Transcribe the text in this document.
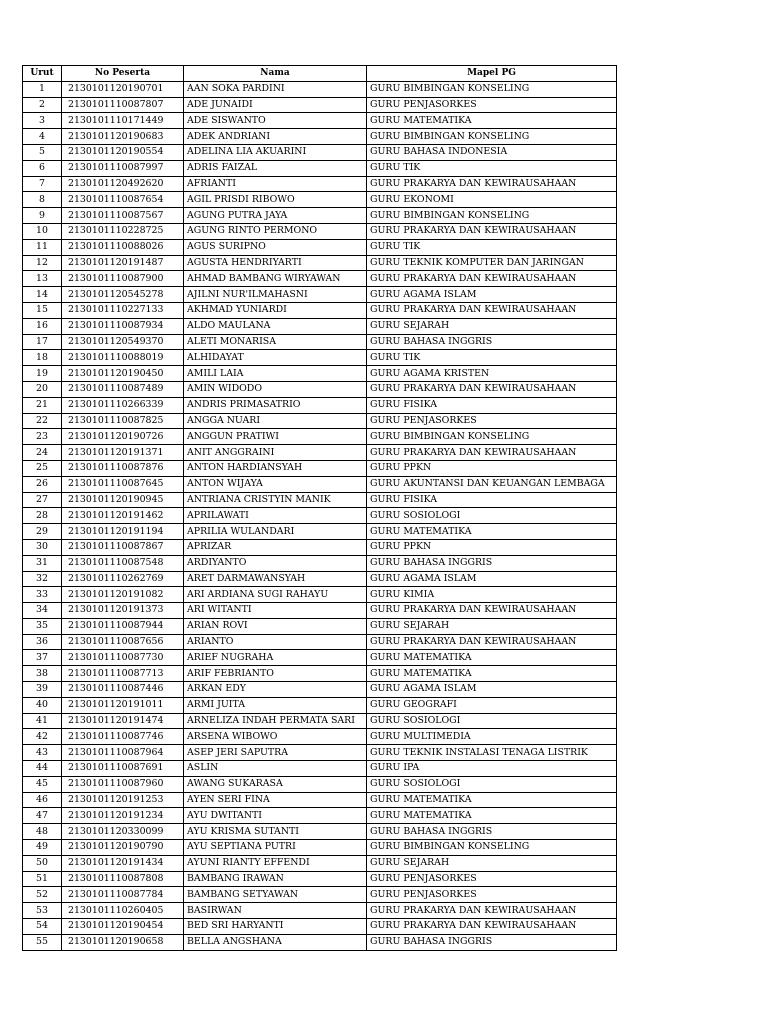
Urut	No Peserta	Nama	Mapel PG
1	2130101120190701	AAN SOKA PARDINI	GURU BIMBINGAN KONSELING
2	2130101110087807	ADE JUNAIDI	GURU PENJASORKES
3	2130101110171449	ADE SISWANTO	GURU MATEMATIKA
4	2130101120190683	ADEK ANDRIANI	GURU BIMBINGAN KONSELING
5	2130101120190554	ADELINA LIA AKUARINI	GURU BAHASA INDONESIA
6	2130101110087997	ADRIS FAIZAL	GURU TIK
7	2130101120492620	AFRIANTI	GURU PRAKARYA DAN KEWIRAUSAHAAN
8	2130101110087654	AGIL PRISDI RIBOWO	GURU EKONOMI
9	2130101110087567	AGUNG PUTRA JAYA	GURU BIMBINGAN KONSELING
10	2130101110228725	AGUNG RINTO PERMONO	GURU PRAKARYA DAN KEWIRAUSAHAAN
11	2130101110088026	AGUS SURIPNO	GURU TIK
12	2130101120191487	AGUSTA HENDRIYARTI	GURU TEKNIK KOMPUTER DAN JARINGAN
13	2130101110087900	AHMAD BAMBANG WIRYAWAN	GURU PRAKARYA DAN KEWIRAUSAHAAN
14	2130101120545278	AJILNI NUR'ILMAHASNI	GURU AGAMA ISLAM
15	2130101110227133	AKHMAD YUNIARDI	GURU PRAKARYA DAN KEWIRAUSAHAAN
16	2130101110087934	ALDO MAULANA	GURU SEJARAH
17	2130101120549370	ALETI MONARISA	GURU BAHASA INGGRIS
18	2130101110088019	ALHIDAYAT	GURU TIK
19	2130101120190450	AMILI LAIA	GURU AGAMA KRISTEN
20	2130101110087489	AMIN WIDODO	GURU PRAKARYA DAN KEWIRAUSAHAAN
21	2130101110266339	ANDRIS PRIMASATRIO	GURU FISIKA
22	2130101110087825	ANGGA NUARI	GURU PENJASORKES
23	2130101120190726	ANGGUN PRATIWI	GURU BIMBINGAN KONSELING
24	2130101120191371	ANIT ANGGRAINI	GURU PRAKARYA DAN KEWIRAUSAHAAN
25	2130101110087876	ANTON HARDIANSYAH	GURU PPKN
26	2130101110087645	ANTON WIJAYA	GURU AKUNTANSI DAN KEUANGAN LEMBAGA
27	2130101120190945	ANTRIANA CRISTYIN MANIK	GURU FISIKA
28	2130101120191462	APRILAWATI	GURU SOSIOLOGI
29	2130101120191194	APRILIA WULANDARI	GURU MATEMATIKA
30	2130101110087867	APRIZAR	GURU PPKN
31	2130101110087548	ARDIYANTO	GURU BAHASA INGGRIS
32	2130101110262769	ARET DARMAWANSYAH	GURU AGAMA ISLAM
33	2130101120191082	ARI ARDIANA SUGI RAHAYU	GURU KIMIA
34	2130101120191373	ARI WITANTI	GURU PRAKARYA DAN KEWIRAUSAHAAN
35	2130101110087944	ARIAN ROVI	GURU SEJARAH
36	2130101110087656	ARIANTO	GURU PRAKARYA DAN KEWIRAUSAHAAN
37	2130101110087730	ARIEF NUGRAHA	GURU MATEMATIKA
38	2130101110087713	ARIF FEBRIANTO	GURU MATEMATIKA
39	2130101110087446	ARKAN EDY	GURU AGAMA ISLAM
40	2130101120191011	ARMI JUITA	GURU GEOGRAFI
41	2130101120191474	ARNELIZA INDAH PERMATA SARI	GURU SOSIOLOGI
42	2130101110087746	ARSENA WIBOWO	GURU MULTIMEDIA
43	2130101110087964	ASEP JERI SAPUTRA	GURU TEKNIK INSTALASI TENAGA LISTRIK
44	2130101110087691	ASLIN	GURU IPA
45	2130101110087960	AWANG SUKARASA	GURU SOSIOLOGI
46	2130101120191253	AYEN SERI FINA	GURU MATEMATIKA
47	2130101120191234	AYU DWITANTI	GURU MATEMATIKA
48	2130101120330099	AYU KRISMA SUTANTI	GURU BAHASA INGGRIS
49	2130101120190790	AYU SEPTIANA PUTRI	GURU BIMBINGAN KONSELING
50	2130101120191434	AYUNI RIANTY EFFENDI	GURU SEJARAH
51	2130101110087808	BAMBANG IRAWAN	GURU PENJASORKES
52	2130101110087784	BAMBANG SETYAWAN	GURU PENJASORKES
53	2130101110260405	BASIRWAN	GURU PRAKARYA DAN KEWIRAUSAHAAN
54	2130101120190454	BED SRI HARYANTI	GURU PRAKARYA DAN KEWIRAUSAHAAN
55	2130101120190658	BELLA ANGSHANA	GURU BAHASA INGGRIS
